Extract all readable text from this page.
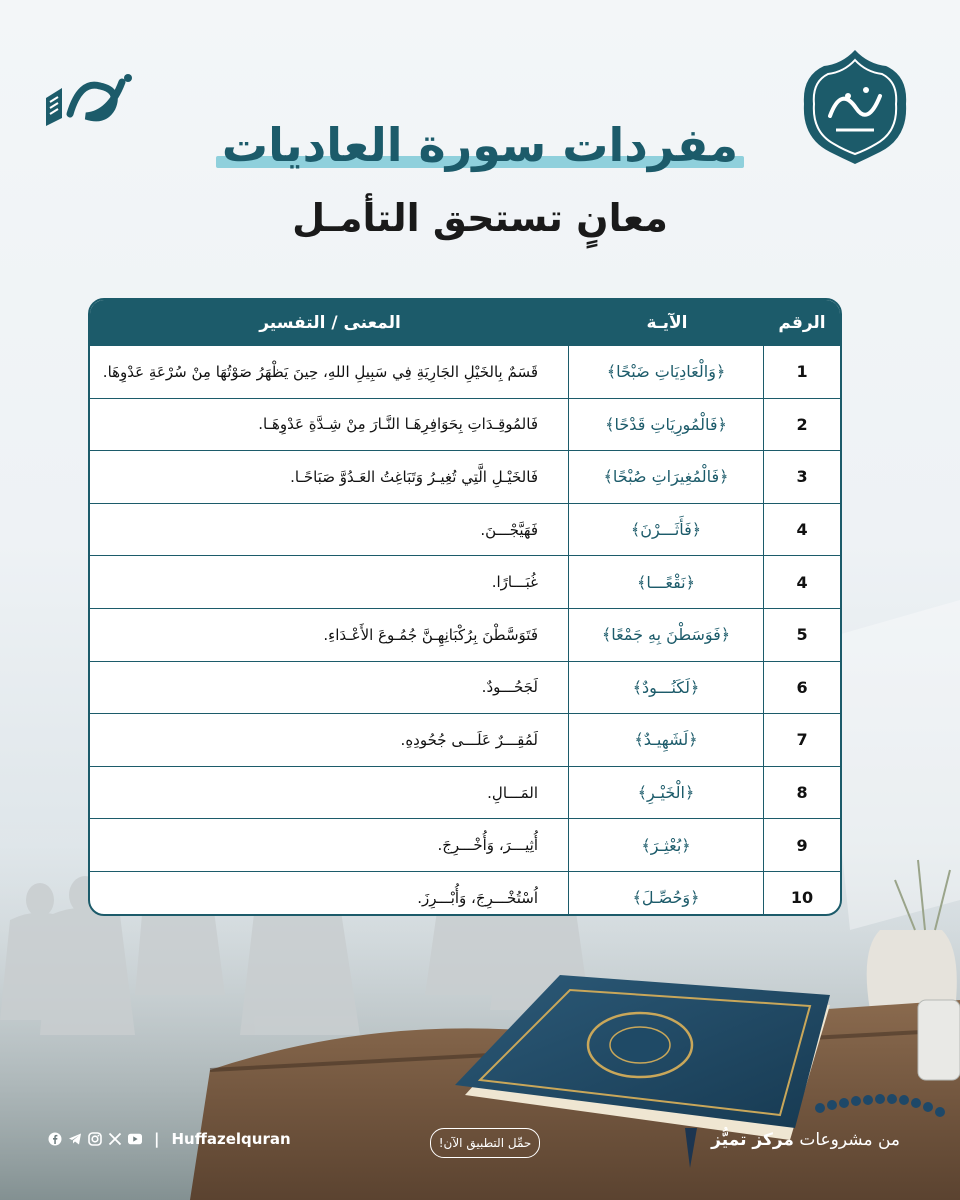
مفردات سورة العاديات
معانٍ تستحق التأمـل
الرقم
الآيـة
المعنى / التفسير
1
﴿وَالْعَادِيَاتِ ضَبْحًا﴾
قَسَمٌ بِالخَيْلِ الجَارِيَةِ فِي سَبِيلِ اللهِ، حِينَ يَظْهَرُ صَوْتُهَا مِنْ سُرْعَةِ عَدْوِهَا.
2
﴿فَالْمُورِيَاتِ قَدْحًا﴾
فَالمُوقِـدَاتِ بِحَوَافِرِهَـا النَّـارَ مِنْ شِـدَّةِ عَدْوِهَـا.
3
﴿فَالْمُغِيرَاتِ صُبْحًا﴾
فَالخَيْـلِ الَّتِي تُغِيـرُ وَتَبَاغِتُ العَـدُوَّ صَبَاحًـا.
4
﴿فَأَثَـــرْنَ﴾
فَهَيَّجْـــنَ.
4
﴿نَقْعًـــا﴾
غُبَـــارًا.
5
﴿فَوَسَطْنَ بِهِ جَمْعًا﴾
فَتَوَسَّطْنَ بِرُكْبَانِهِـنَّ جُمُـوعَ الأَعْـدَاءِ.
6
﴿لَكَنُـــودٌ﴾
لَجَحُـــودٌ.
7
﴿لَشَهِيـدٌ﴾
لَمُقِـــرٌ عَلَـــى جُحُودِهِ.
8
﴿الْخَيْـرِ﴾
المَـــالِ.
9
﴿بُعْثِـرَ﴾
أُثِيـــرَ، وَأُخْـــرِجَ.
10
﴿وَحُصِّـلَ﴾
اُسْتُخْـــرِجَ، وَأُبْـــرِزَ.
من مشروعات مركز تميُّز
حمِّل التطبيق الآن!
| Huffazelquran
